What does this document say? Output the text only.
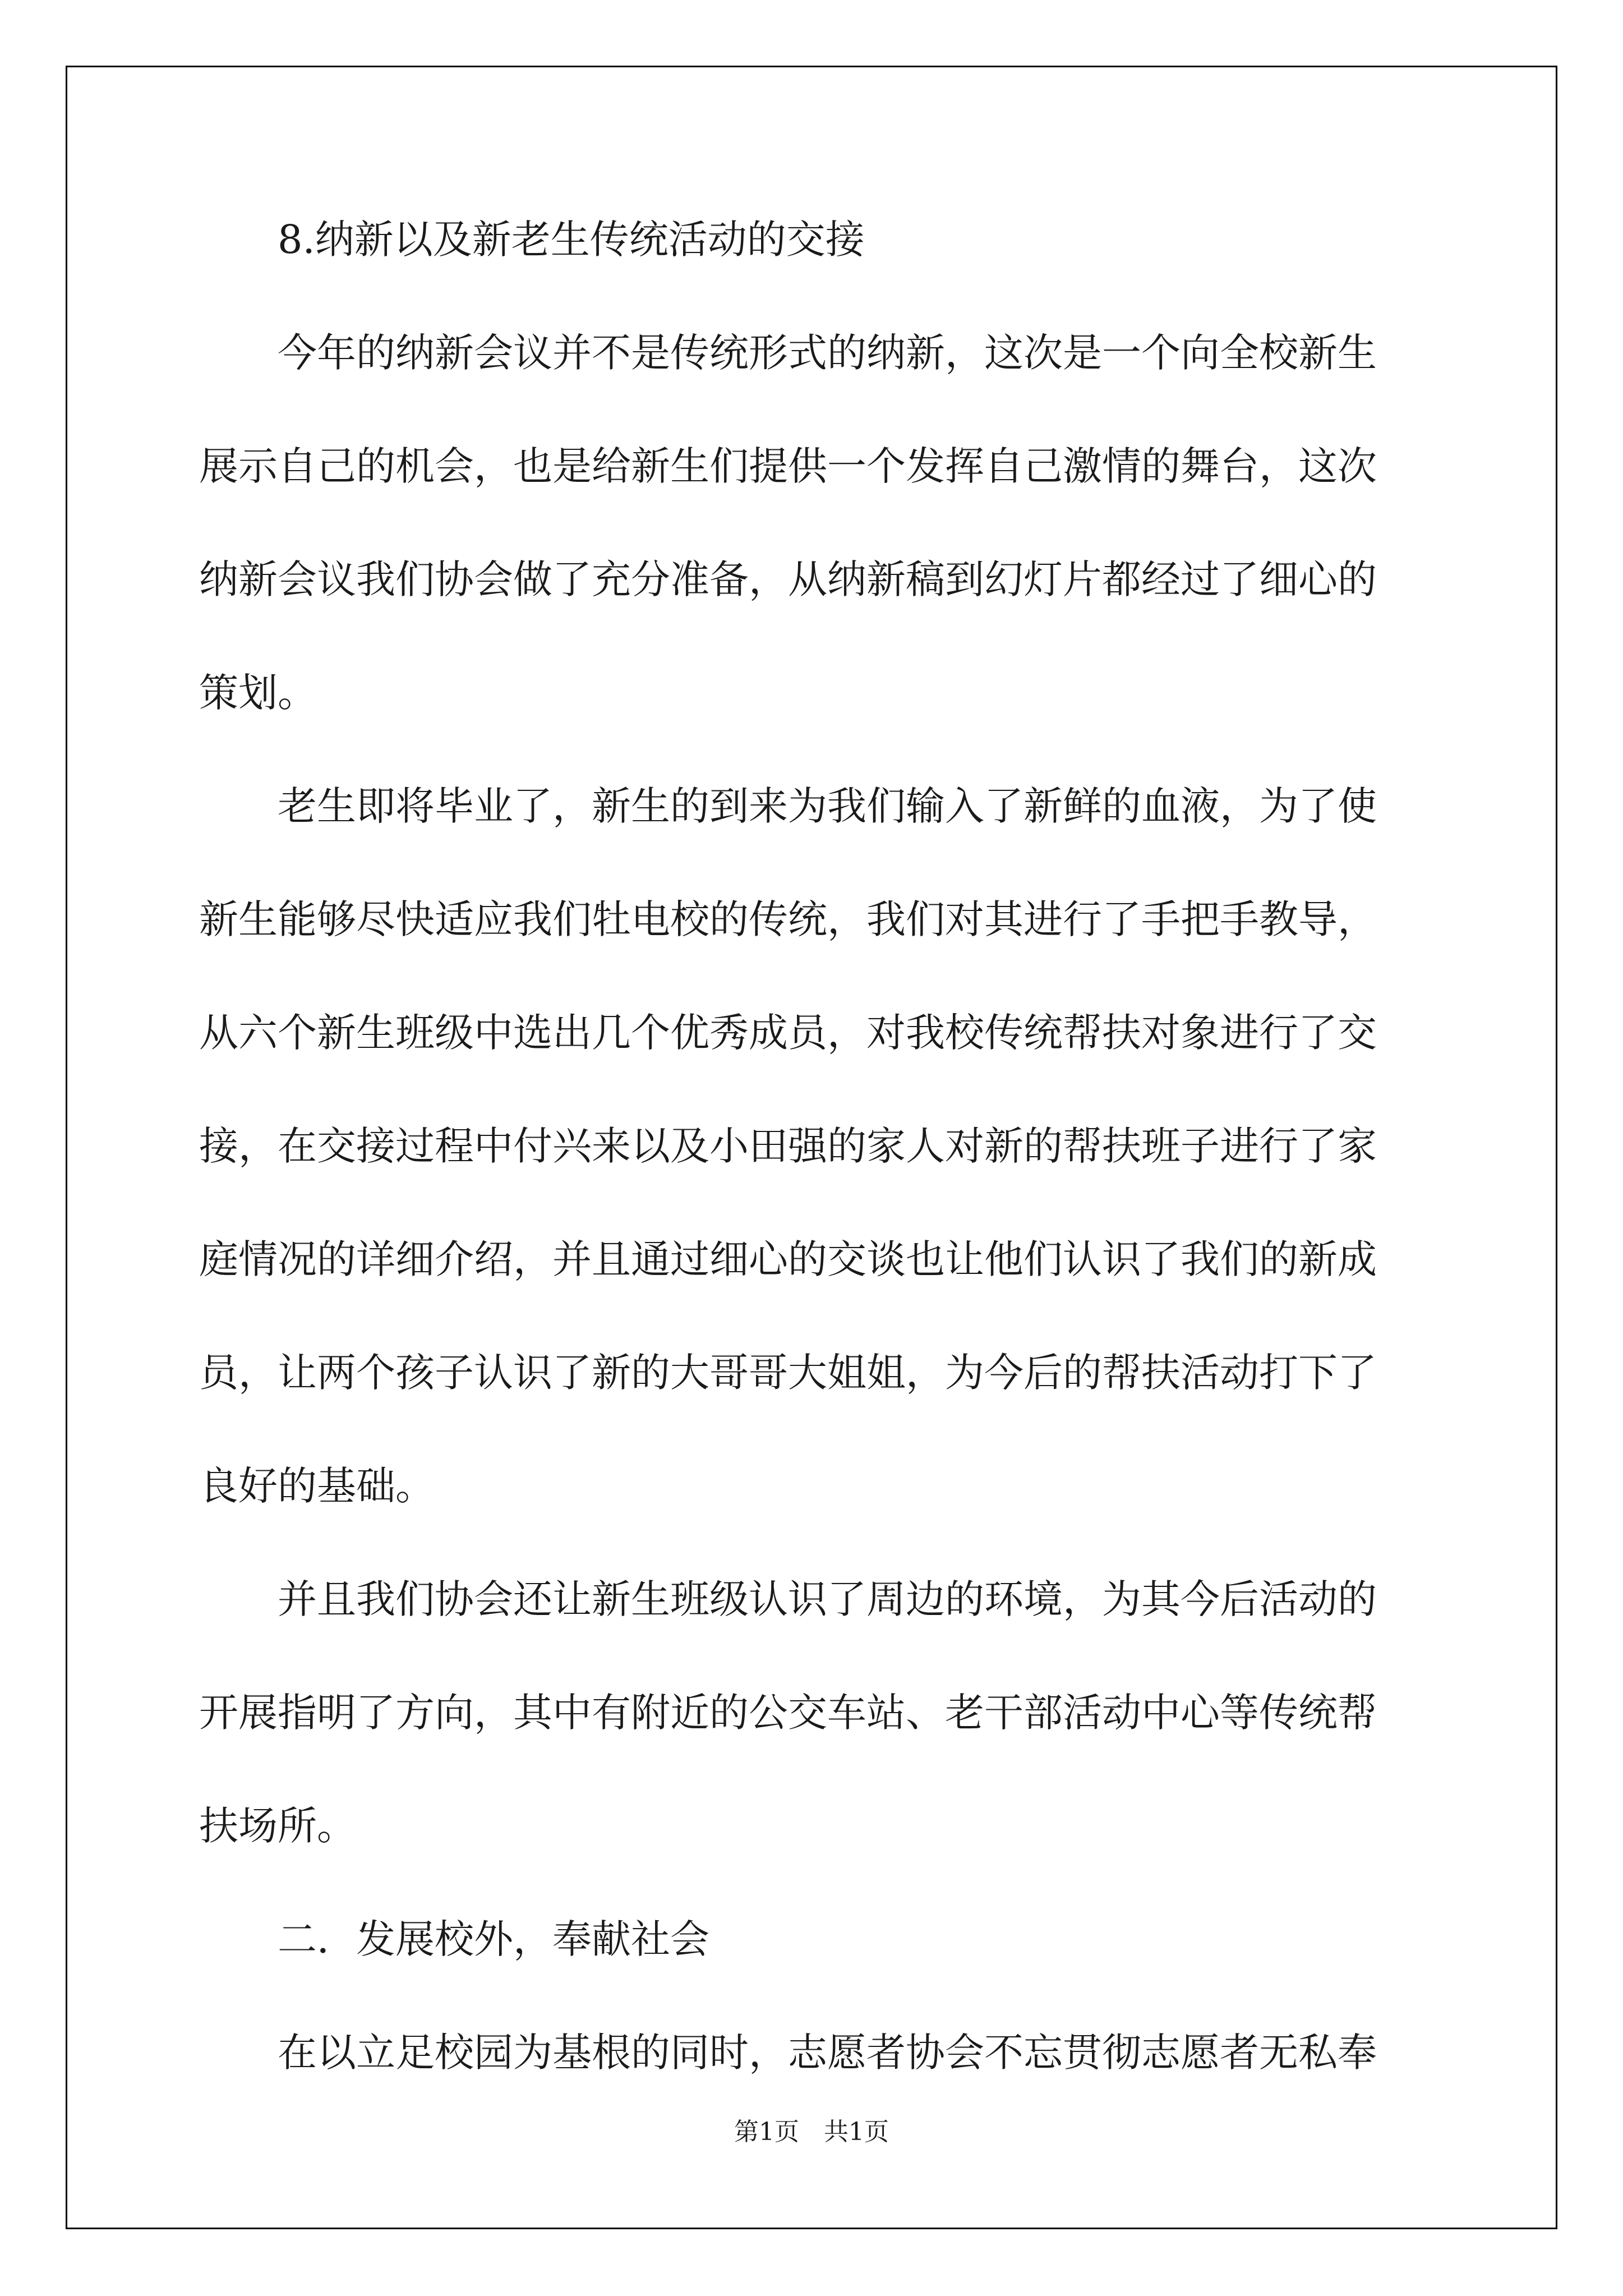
8.纳新以及新老生传统活动的交接
今年的纳新会议并不是传统形式的纳新，这次是一个向全校新生
展示自己的机会，也是给新生们提供一个发挥自己激情的舞台，这次
纳新会议我们协会做了充分准备，从纳新稿到幻灯片都经过了细心的
策划。
老生即将毕业了，新生的到来为我们输入了新鲜的血液，为了使
新生能够尽快适应我们牡电校的传统，我们对其进行了手把手教导，
从六个新生班级中选出几个优秀成员，对我校传统帮扶对象进行了交
接，在交接过程中付兴来以及小田强的家人对新的帮扶班子进行了家
庭情况的详细介绍，并且通过细心的交谈也让他们认识了我们的新成
员，让两个孩子认识了新的大哥哥大姐姐，为今后的帮扶活动打下了
良好的基础。
并且我们协会还让新生班级认识了周边的环境，为其今后活动的
开展指明了方向，其中有附近的公交车站、老干部活动中心等传统帮
扶场所。
二．发展校外，奉献社会
在以立足校园为基根的同时，志愿者协会不忘贯彻志愿者无私奉
第1页　共1页
